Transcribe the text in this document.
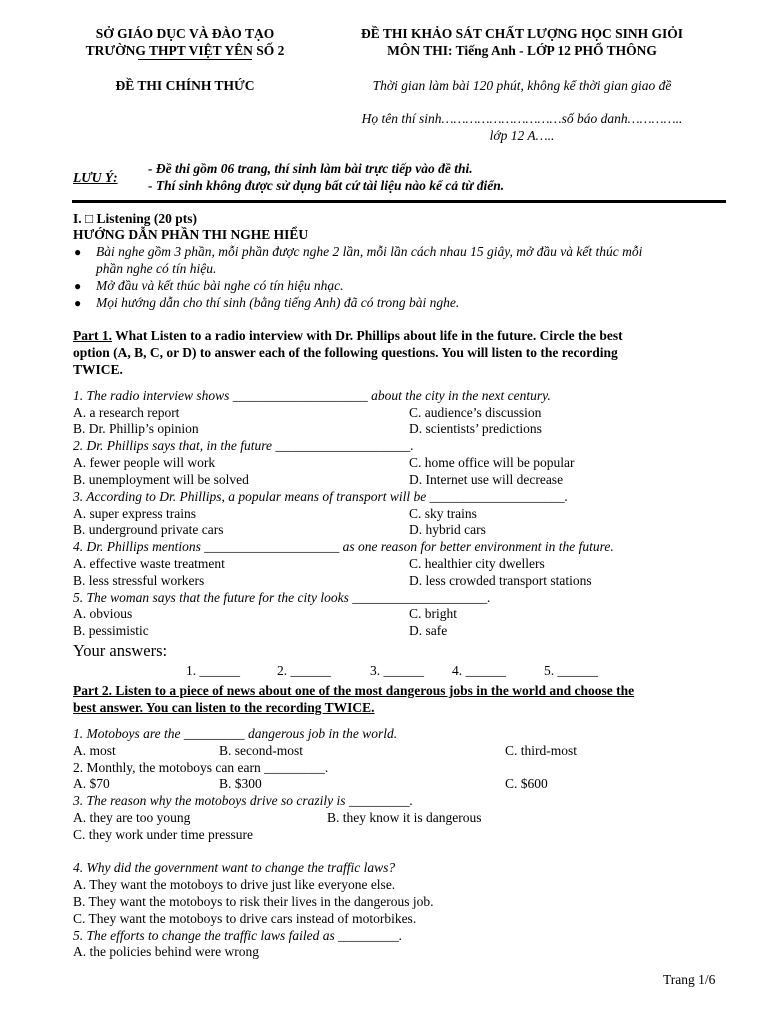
SỞ GIÁO DỤC VÀ ĐÀO TẠO
TRƯỜNG THPT VIỆT YÊN SỐ 2
ĐỀ THI CHÍNH THỨC
ĐỀ THI KHẢO SÁT CHẤT LƯỢNG HỌC SINH GIỎI
MÔN THI: Tiếng Anh - LỚP 12 PHỔ THÔNG
Thời gian làm bài 120 phút, không kể thời gian giao đề
Họ tên thí sinh…………………………số báo danh…………..
lớp 12 A…..
LƯU Ý:
- Đề thi gồm 06 trang, thí sinh làm bài trực tiếp vào đề thi.
- Thí sinh không được sử dụng bất cứ tài liệu nào kể cả từ điển.
I. □ Listening (20 pts)
HƯỚNG DẪN PHẦN THI NGHE HIỂU
● Bài nghe gồm 3 phần, mỗi phần được nghe 2 lần, mỗi lần cách nhau 15 giây, mở đầu và kết thúc mỗi
phần nghe có tín hiệu.
● Mở đầu và kết thúc bài nghe có tín hiệu nhạc.
● Mọi hướng dẫn cho thí sinh (bằng tiếng Anh) đã có trong bài nghe.
Part 1. What Listen to a radio interview with Dr. Phillips about life in the future. Circle the best
option (A, B, C, or D) to answer each of the following questions. You will listen to the recording
TWICE.
1. The radio interview shows ____________________ about the city in the next century.
A. a research report	C. audience’s discussion
B. Dr. Phillip’s opinion	D. scientists’ predictions
2. Dr. Phillips says that, in the future ____________________.
A. fewer people will work	C. home office will be popular
B. unemployment will be solved	D. Internet use will decrease
3. According to Dr. Phillips, a popular means of transport will be ____________________.
A. super express trains	C. sky trains
B. underground private cars	D. hybrid cars
4. Dr. Phillips mentions ____________________ as one reason for better environment in the future.
A. effective waste treatment	C. healthier city dwellers
B. less stressful workers	D. less crowded transport stations
5. The woman says that the future for the city looks ____________________.
A. obvious	C. bright
B. pessimistic	D. safe
Your answers:
1. ______	2. ______	3. ______ 4. ______	5. ______
Part 2. Listen to a piece of news about one of the most dangerous jobs in the world and choose the
best answer. You can listen to the recording TWICE.
1. Motoboys are the _________ dangerous job in the world.
A. most	B. second-most	C. third-most
2. Monthly, the motoboys can earn _________.
A. $70	B. $300	C. $600
3. The reason why the motoboys drive so crazily is _________.
A. they are too young	B. they know it is dangerous
C. they work under time pressure
4. Why did the government want to change the traffic laws?
A. They want the motoboys to drive just like everyone else.
B. They want the motoboys to risk their lives in the dangerous job.
C. They want the motoboys to drive cars instead of motorbikes.
5. The efforts to change the traffic laws failed as _________.
A. the policies behind were wrong
Trang 1/6
